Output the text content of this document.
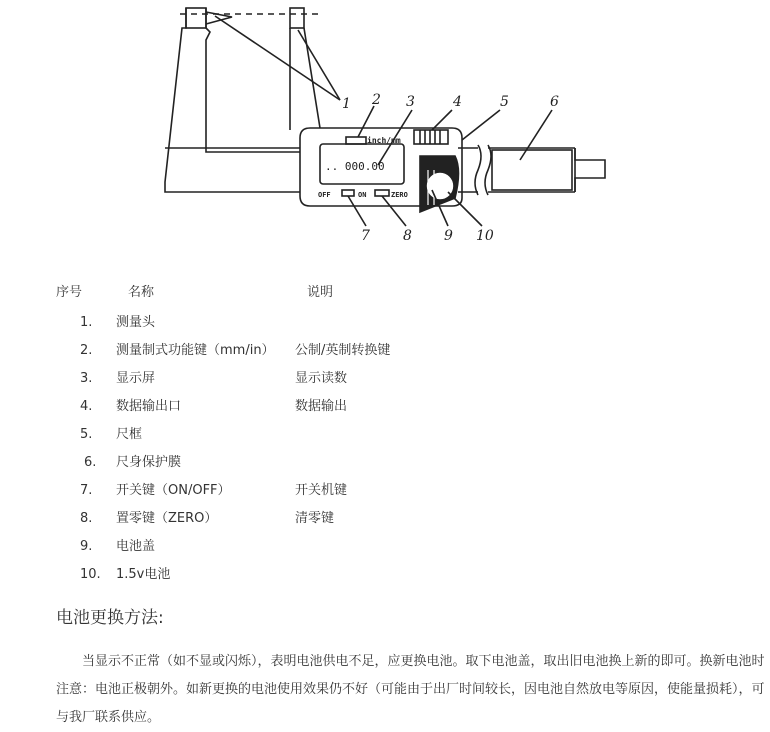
.. 000.00
inch/mm
OFF	ON	ZERO
1 2 3	4	5	6
7 8 9 10
序号	名称	说明
1. 测量头
2. 测量制式功能键（mm/in） 公制/英制转换键
3. 显示屏	显示读数
4. 数据输出口	数据输出
5. 尺框
6. 尺身保护膜
7. 开关键（ON/OFF）	开关机键
8. 置零键（ZERO）	清零键
9. 电池盖
10. 1.5v电池
电池更换方法:
当显示不正常（如不显或闪烁），表明电池供电不足，应更换电池。取下电池盖，取出旧电池换上新的即可。换新电池时注意：电池正极朝外。如新更换的电池使用效果仍不好（可能由于出厂时间较长，因电池自然放电等原因，使能量损耗），可与我厂联系供应。
